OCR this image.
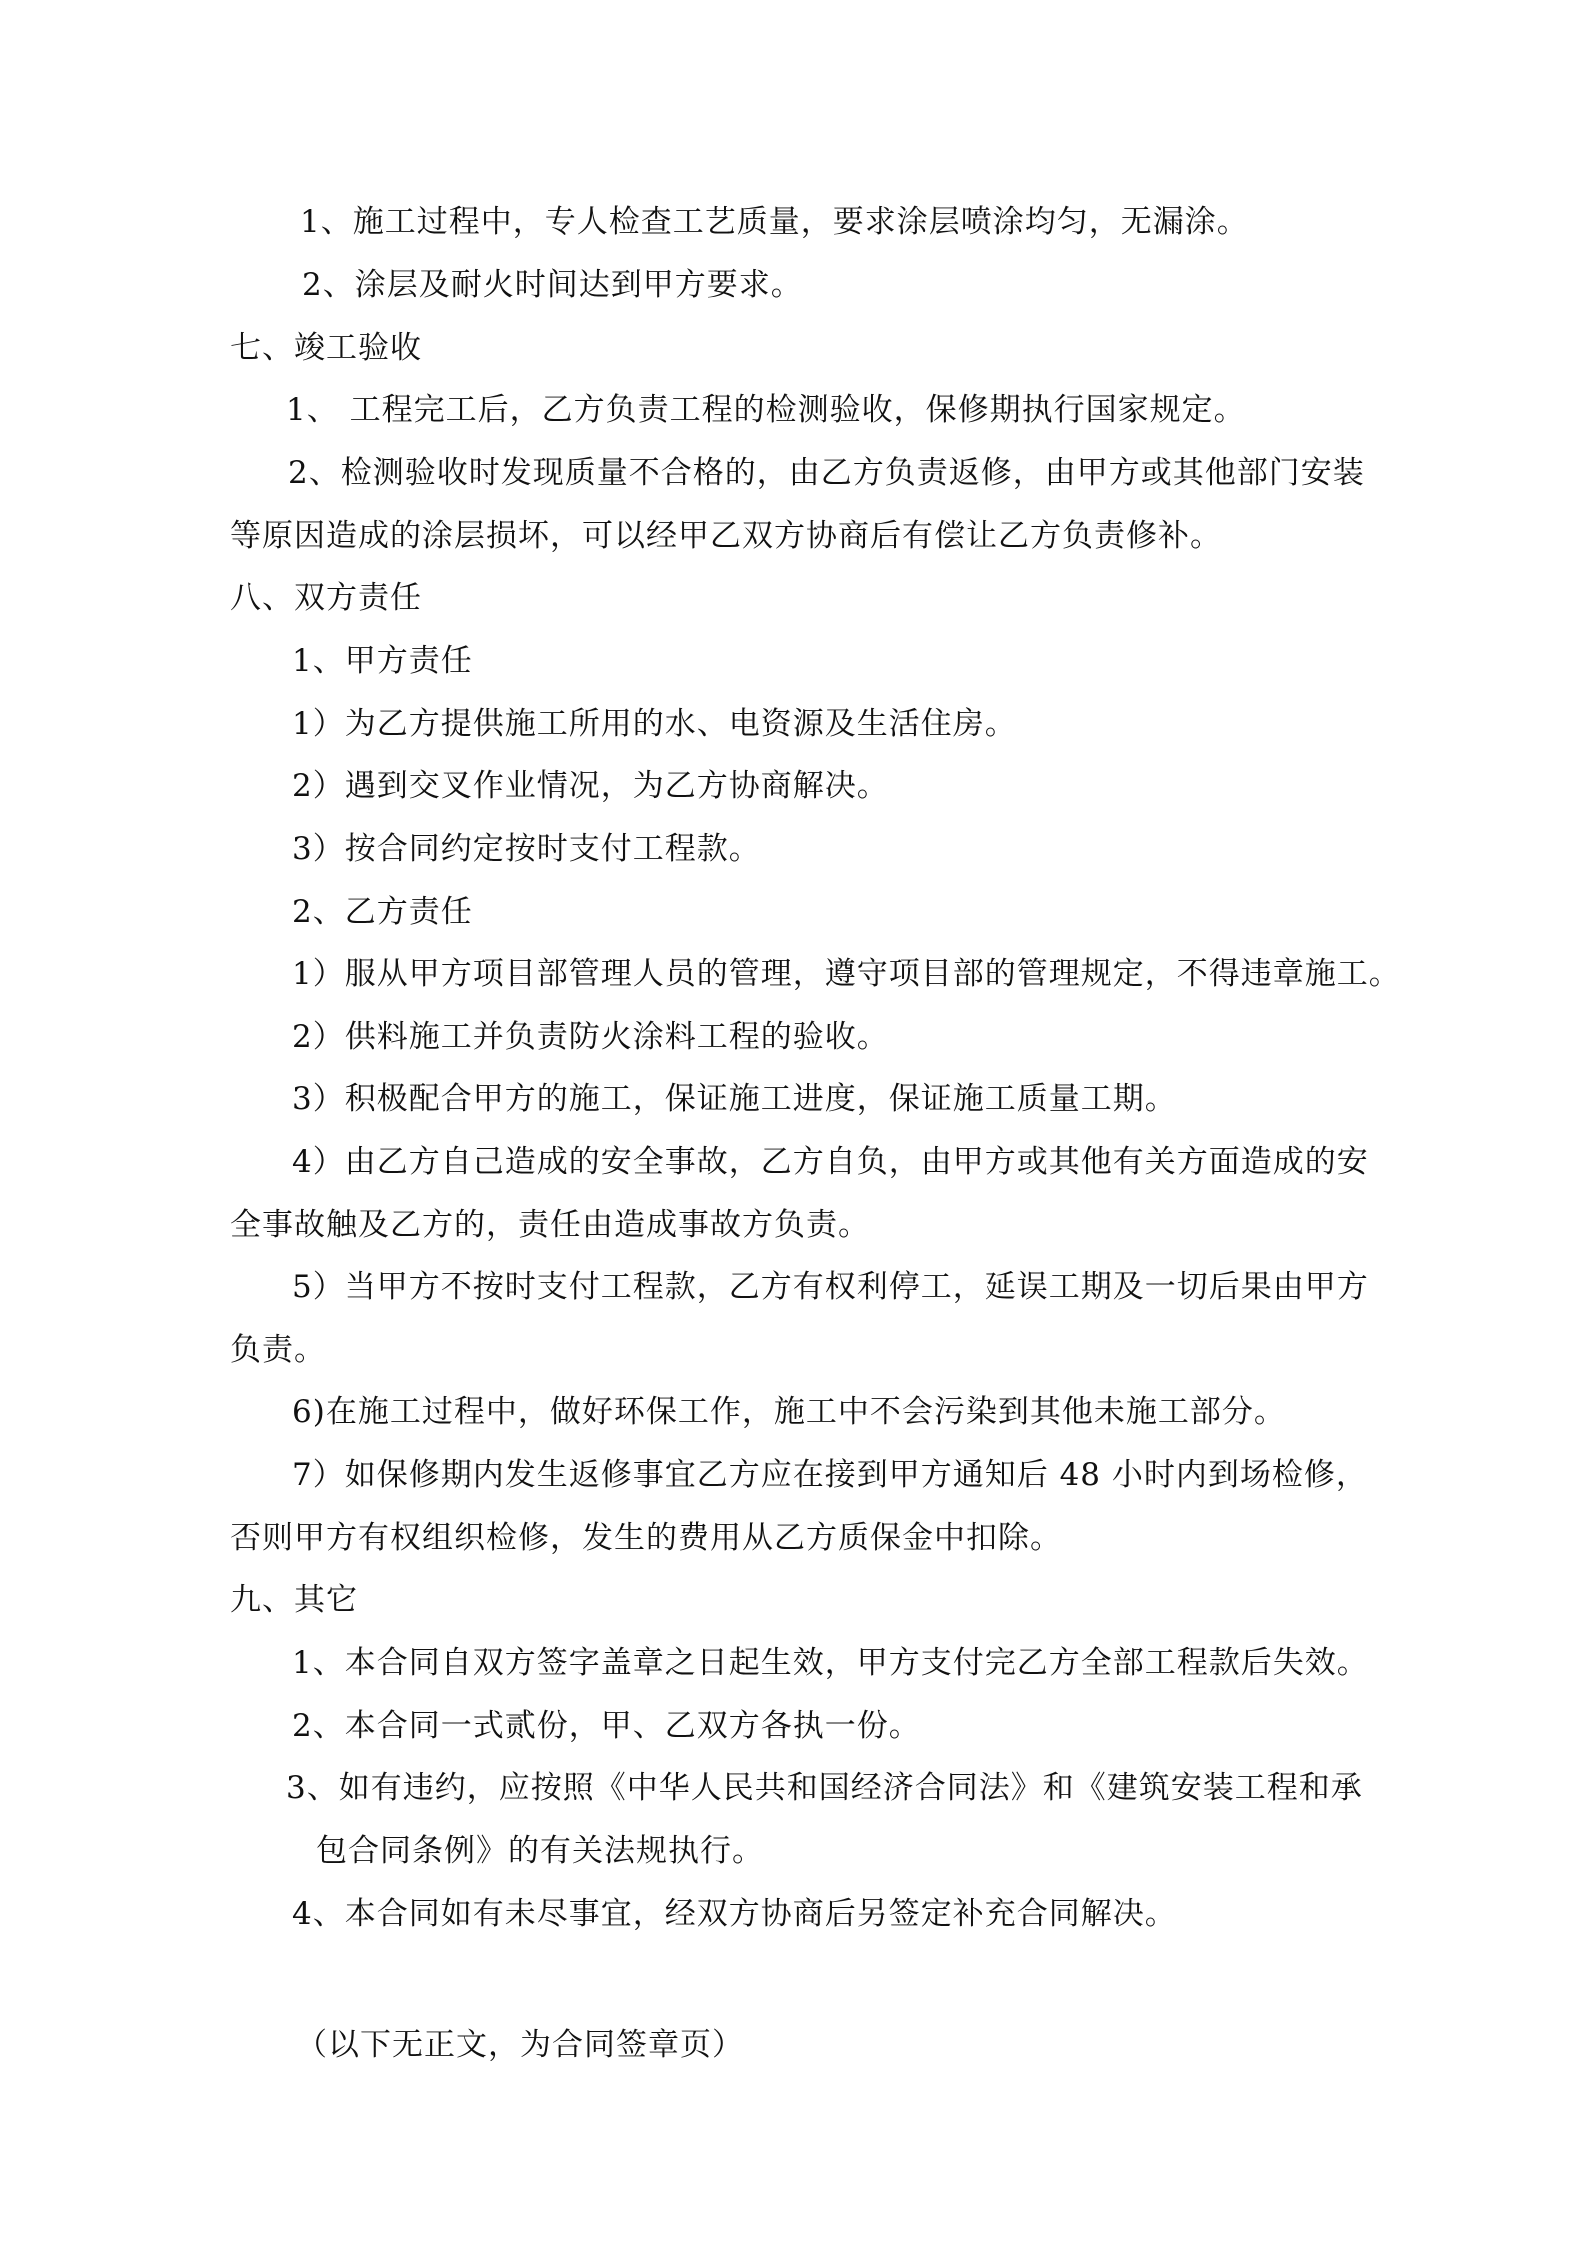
1、施工过程中，专人检查工艺质量，要求涂层喷涂均匀，无漏涂。
2、涂层及耐火时间达到甲方要求。
七、竣工验收
1、 工程完工后，乙方负责工程的检测验收，保修期执行国家规定。
2、检测验收时发现质量不合格的，由乙方负责返修，由甲方或其他部门安装
等原因造成的涂层损坏，可以经甲乙双方协商后有偿让乙方负责修补。
八、双方责任
1、甲方责任
1）为乙方提供施工所用的水、电资源及生活住房。
2）遇到交叉作业情况，为乙方协商解决。
3）按合同约定按时支付工程款。
2、乙方责任
1）服从甲方项目部管理人员的管理，遵守项目部的管理规定，不得违章施工。
2）供料施工并负责防火涂料工程的验收。
3）积极配合甲方的施工，保证施工进度，保证施工质量工期。
4）由乙方自己造成的安全事故，乙方自负，由甲方或其他有关方面造成的安
全事故触及乙方的，责任由造成事故方负责。
5）当甲方不按时支付工程款，乙方有权利停工，延误工期及一切后果由甲方
负责。
6)在施工过程中，做好环保工作，施工中不会污染到其他未施工部分。
7）如保修期内发生返修事宜乙方应在接到甲方通知后 48 小时内到场检修，
否则甲方有权组织检修，发生的费用从乙方质保金中扣除。
九、其它
1、本合同自双方签字盖章之日起生效，甲方支付完乙方全部工程款后失效。
2、本合同一式贰份，甲、乙双方各执一份。
3、如有违约，应按照《中华人民共和国经济合同法》和《建筑安装工程和承
包合同条例》的有关法规执行。
4、本合同如有未尽事宜，经双方协商后另签定补充合同解决。
（以下无正文，为合同签章页）
